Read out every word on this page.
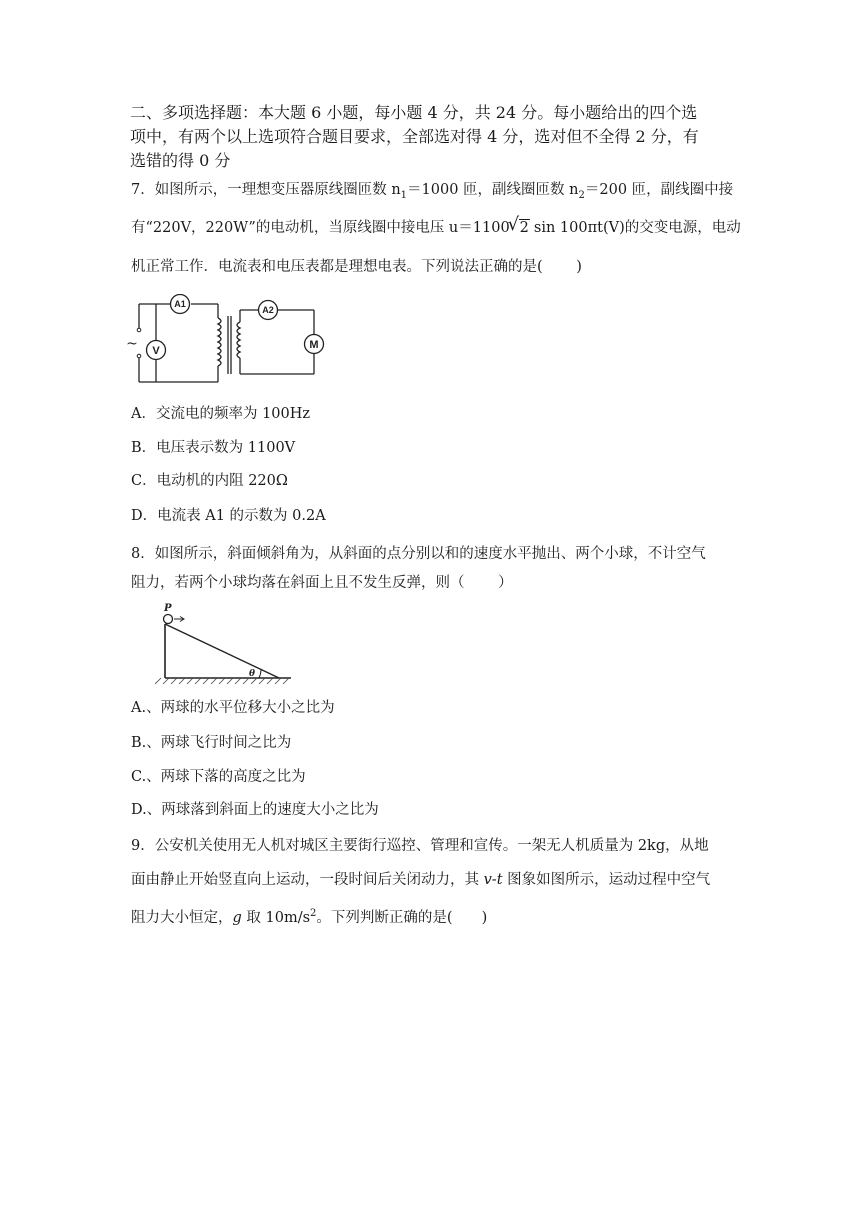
二、多项选择题：本大题 6 小题，每小题 4 分，共 24 分。每小题给出的四个选
项中，有两个以上选项符合题目要求，全部选对得 4 分，选对但不全得 2 分，有
选错的得 0 分
7．如图所示，一理想变压器原线圈匝数 $n_1=1000$ 匝，副线圈匝数 $n_2=200$ 匝，副线圈中接
有“220V，220W”的电动机，当原线圈中接电压 u＝1100√ 2 sin 100πt(V)的交变电源，电动
机正常工作．电流表和电压表都是理想电表。下列说法正确的是(　　 )
A1
V
A2
M
~
A．交流电的频率为 100Hz
B．电压表示数为 1100V
C．电动机的内阻 220Ω
D．电流表 A1 的示数为 0.2A
8．如图所示，斜面倾斜角为，从斜面的点分别以和的速度水平抛出、两个小球，不计空气
阻力，若两个小球均落在斜面上且不发生反弹，则（　　 ）
P
θ
A.、两球的水平位移大小之比为
B.、两球飞行时间之比为
C.、两球下落的高度之比为
D.、两球落到斜面上的速度大小之比为
9．公安机关使用无人机对城区主要街行巡控、管理和宣传。一架无人机质量为 2kg，从地
面由静止开始竖直向上运动，一段时间后关闭动力，其 v-t 图象如图所示，运动过程中空气
阻力大小恒定，g 取 $10m/s^2$。下列判断正确的是(　　)
